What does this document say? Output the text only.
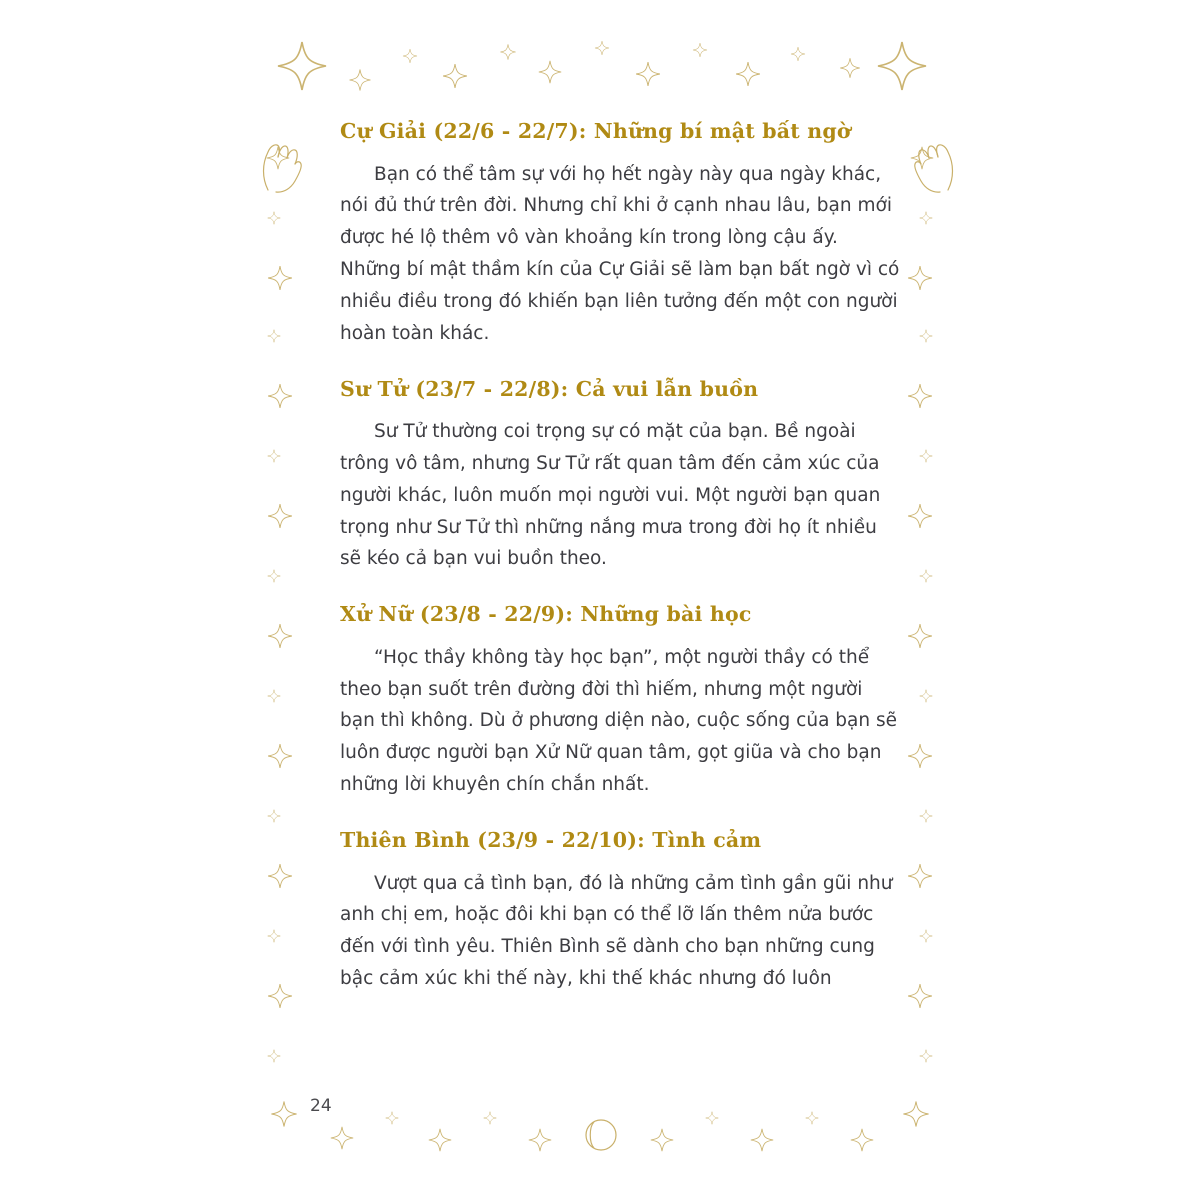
Cự Giải (22/6 - 22/7): Những bí mật bất ngờ

Bạn có thể tâm sự với họ hết ngày này qua ngày khác, nói đủ thứ trên đời. Nhưng chỉ khi ở cạnh nhau lâu, bạn mới được hé lộ thêm vô vàn khoảng kín trong lòng cậu ấy. Những bí mật thầm kín của Cự Giải sẽ làm bạn bất ngờ vì có nhiều điều trong đó khiến bạn liên tưởng đến một con người hoàn toàn khác.

Sư Tử (23/7 - 22/8): Cả vui lẫn buồn

Sư Tử thường coi trọng sự có mặt của bạn. Bề ngoài trông vô tâm, nhưng Sư Tử rất quan tâm đến cảm xúc của người khác, luôn muốn mọi người vui. Một người bạn quan trọng như Sư Tử thì những nắng mưa trong đời họ ít nhiều sẽ kéo cả bạn vui buồn theo.

Xử Nữ (23/8 - 22/9): Những bài học

“Học thầy không tày học bạn”, một người thầy có thể theo bạn suốt trên đường đời thì hiếm, nhưng một người bạn thì không. Dù ở phương diện nào, cuộc sống của bạn sẽ luôn được người bạn Xử Nữ quan tâm, gọt giũa và cho bạn những lời khuyên chín chắn nhất.

Thiên Bình (23/9 - 22/10): Tình cảm

Vượt qua cả tình bạn, đó là những cảm tình gần gũi như anh chị em, hoặc đôi khi bạn có thể lỡ lấn thêm nửa bước đến với tình yêu. Thiên Bình sẽ dành cho bạn những cung bậc cảm xúc khi thế này, khi thế khác nhưng đó luôn

24
